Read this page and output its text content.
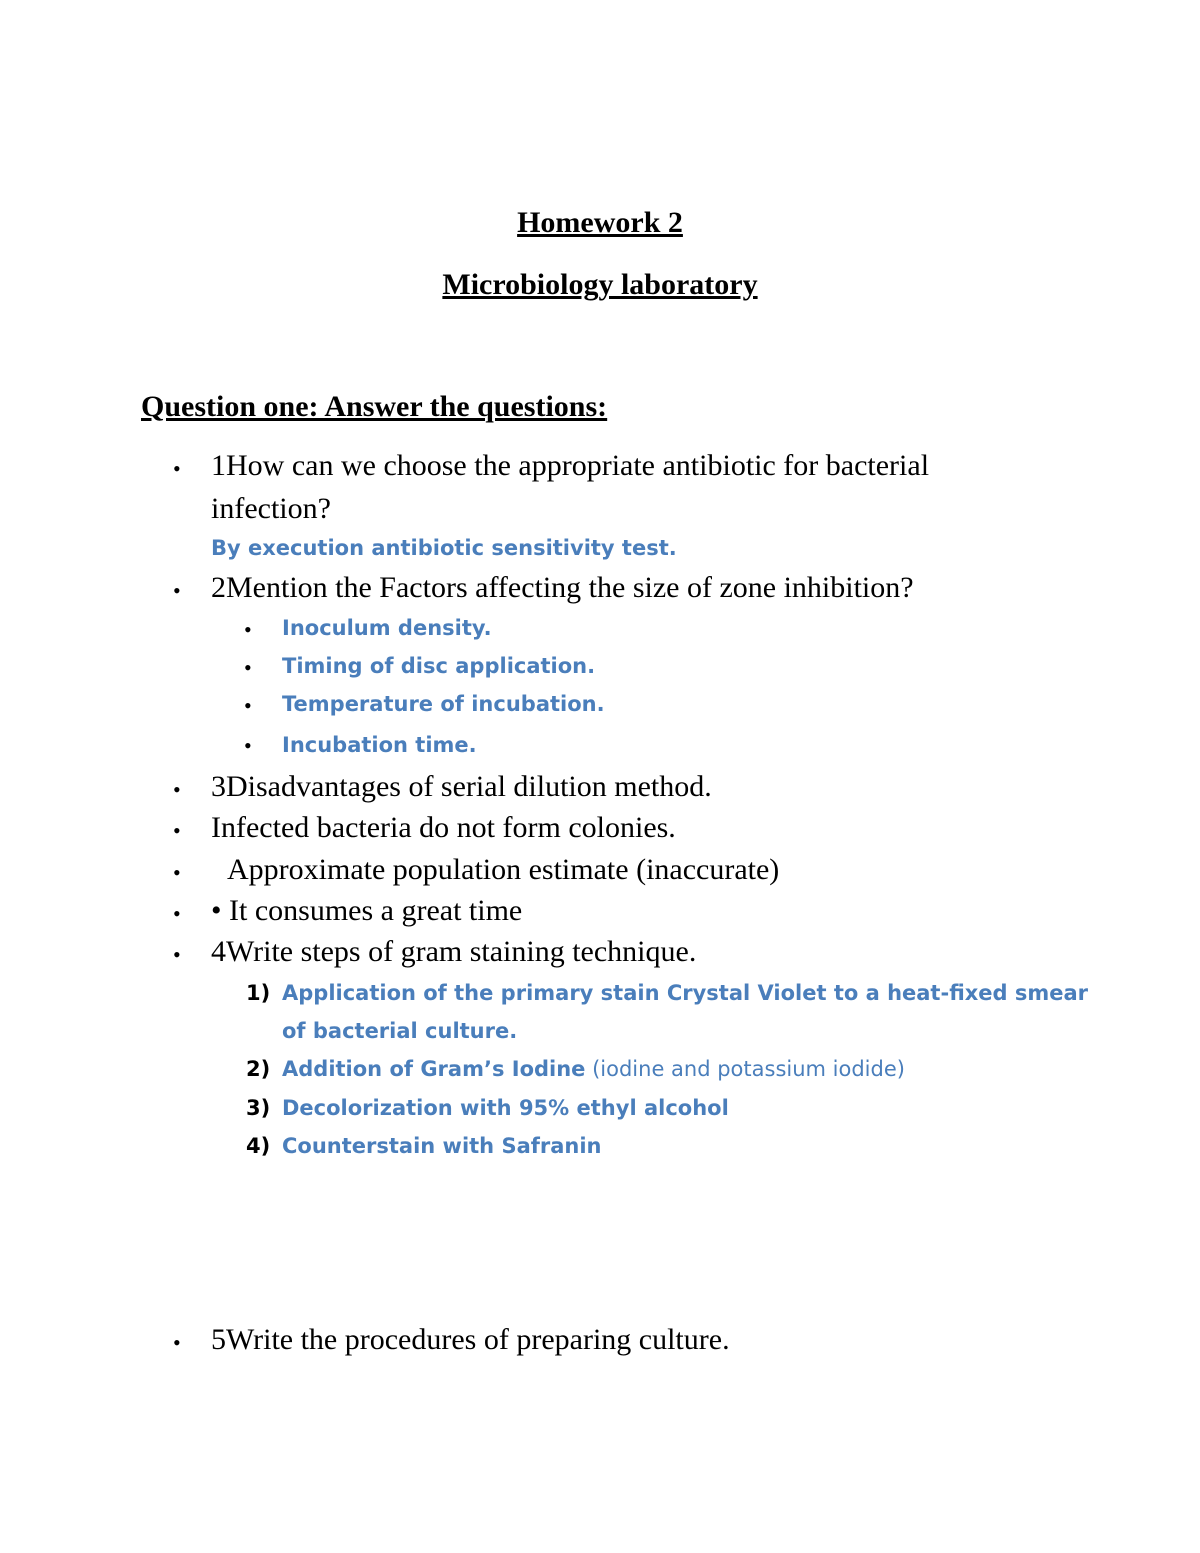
Homework 2
Microbiology laboratory
Question one: Answer the questions:
• 1How can we choose the appropriate antibiotic for bacterial
infection?
By execution antibiotic sensitivity test.
• 2Mention the Factors affecting the size of zone inhibition?
• Inoculum density.
• Timing of disc application.
• Temperature of incubation.
• Incubation time.
• 3Disadvantages of serial dilution method.
• Infected bacteria do not form colonies.
• Approximate population estimate (inaccurate)
• • It consumes a great time
• 4Write steps of gram staining technique.
1) Application of the primary stain Crystal Violet to a heat-fixed smear
of bacterial culture.
2) Addition of Gram’s Iodine (iodine and potassium iodide)
3) Decolorization with 95% ethyl alcohol
4) Counterstain with Safranin
• 5Write the procedures of preparing culture.
